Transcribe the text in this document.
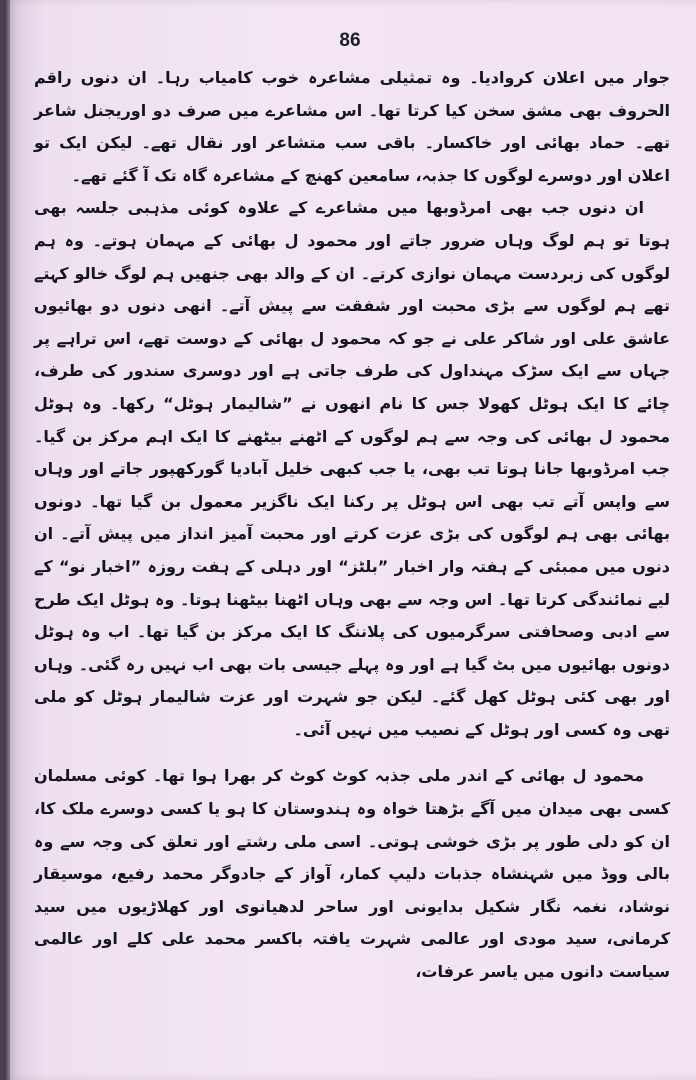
86

جوار میں اعلان کروادیا۔ وہ تمثیلی مشاعرہ خوب کامیاب رہا۔ ان دنوں راقم الحروف بھی مشق سخن کیا کرتا تھا۔ اس مشاعرے میں صرف دو اوریجنل شاعر تھے۔ حماد بھائی اور خاکسار۔ باقی سب متشاعر اور نقال تھے۔ لیکن ایک تو اعلان اور دوسرے لوگوں کا جذبہ، سامعین کھنچ کے مشاعرہ گاہ تک آ گئے تھے۔

ان دنوں جب بھی امرڈوبھا میں مشاعرے کے علاوہ کوئی مذہبی جلسہ بھی ہوتا تو ہم لوگ وہاں ضرور جاتے اور محمود ل بھائی کے مہمان ہوتے۔ وہ ہم لوگوں کی زبردست مہمان نوازی کرتے۔ ان کے والد بھی جنھیں ہم لوگ خالو کہتے تھے ہم لوگوں سے بڑی محبت اور شفقت سے پیش آتے۔ انھی دنوں دو بھائیوں عاشق علی اور شاکر علی نے جو کہ محمود ل بھائی کے دوست تھے، اس تراہے پر جہاں سے ایک سڑک مہنداول کی طرف جاتی ہے اور دوسری سندور کی طرف، چائے کا ایک ہوٹل کھولا جس کا نام انھوں نے ”شالیمار ہوٹل“ رکھا۔ وہ ہوٹل محمود ل بھائی کی وجہ سے ہم لوگوں کے اٹھنے بیٹھنے کا ایک اہم مرکز بن گیا۔ جب امرڈوبھا جانا ہوتا تب بھی، یا جب کبھی خلیل آبادیا گورکھپور جاتے اور وہاں سے واپس آتے تب بھی اس ہوٹل پر رکنا ایک ناگزیر معمول بن گیا تھا۔ دونوں بھائی بھی ہم لوگوں کی بڑی عزت کرتے اور محبت آمیز انداز میں پیش آتے۔ ان دنوں میں ممبئی کے ہفتہ وار اخبار ”بلٹز“ اور دہلی کے ہفت روزہ ”اخبار نو“ کے لیے نمائندگی کرتا تھا۔ اس وجہ سے بھی وہاں اٹھنا بیٹھنا ہوتا۔ وہ ہوٹل ایک طرح سے ادبی وصحافتی سرگرمیوں کی پلاننگ کا ایک مرکز بن گیا تھا۔ اب وہ ہوٹل دونوں بھائیوں میں بٹ گیا ہے اور وہ پہلے جیسی بات بھی اب نہیں رہ گئی۔ وہاں اور بھی کئی ہوٹل کھل گئے۔ لیکن جو شہرت اور عزت شالیمار ہوٹل کو ملی تھی وہ کسی اور ہوٹل کے نصیب میں نہیں آئی۔

محمود ل بھائی کے اندر ملی جذبہ کوٹ کوٹ کر بھرا ہوا تھا۔ کوئی مسلمان کسی بھی میدان میں آگے بڑھتا خواہ وہ ہندوستان کا ہو یا کسی دوسرے ملک کا، ان کو دلی طور پر بڑی خوشی ہوتی۔ اسی ملی رشتے اور تعلق کی وجہ سے وہ بالی ووڈ میں شہنشاہ جذبات دلیپ کمار، آواز کے جادوگر محمد رفیع، موسیقار نوشاد، نغمہ نگار شکیل بدایونی اور ساحر لدھیانوی اور کھلاڑیوں میں سید کرمانی، سید مودی اور عالمی شہرت یافتہ باکسر محمد علی کلے اور عالمی سیاست دانوں میں یاسر عرفات،
